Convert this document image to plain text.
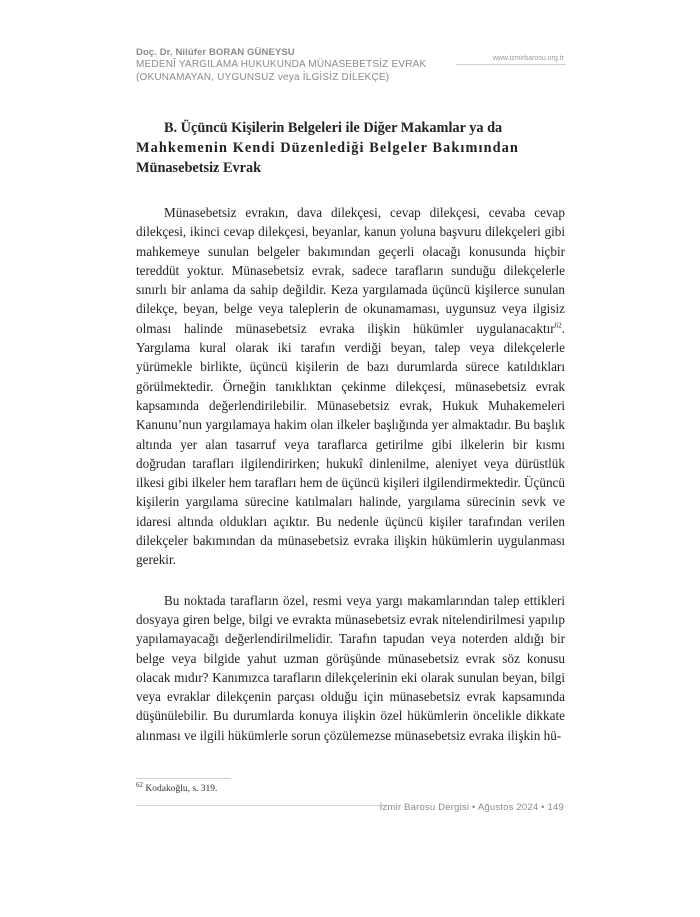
Doç. Dr. Nilüfer BORAN GÜNEYSU
MEDENÎ YARGILAMA HUKUKUNDA MÜNASEBETSİZ EVRAK
(OKUNAMAYAN, UYGUNSUZ veya İLGİSİZ DİLEKÇE)
www.izmirbarosu.org.tr
B. Üçüncü Kişilerin Belgeleri ile Diğer Makamlar ya da
Mahkemenin Kendi Düzenlediği Belgeler Bakımından
Münasebetsiz Evrak

Münasebetsiz evrakın, dava dilekçesi, cevap dilekçesi, cevaba cevap dilekçesi, ikinci cevap dilekçesi, beyanlar, kanun yoluna başvuru dilekçeleri gibi mahkemeye sunulan belgeler bakımından geçerli olacağı konusunda hiçbir tereddüt yoktur. Münasebetsiz evrak, sadece tarafların sunduğu dilekçelerle sınırlı bir anlama da sahip değildir. Keza yargılamada üçüncü kişilerce sunulan dilekçe, beyan, belge veya taleplerin de okunamaması, uygunsuz veya ilgisiz olması halinde münasebetsiz evraka ilişkin hükümler uygulanacaktır$^{62}$. Yargılama kural olarak iki tarafın verdiği beyan, talep veya dilekçelerle yürümekle birlikte, üçüncü kişilerin de bazı durumlarda sürece katıldıkları görülmektedir. Örneğin tanıklıktan çekinme dilekçesi, münasebetsiz evrak kapsamında değerlendirilebilir. Münasebetsiz evrak, Hukuk Muhakemeleri Kanunu’nun yargılamaya hakim olan ilkeler başlığında yer almaktadır. Bu başlık altında yer alan tasarruf veya taraflarca getirilme gibi ilkelerin bir kısmı doğrudan tarafları ilgilendirirken; hukukî dinlenilme, aleniyet veya dürüstlük ilkesi gibi ilkeler hem tarafları hem de üçüncü kişileri ilgilendirmektedir. Üçüncü kişilerin yargılama sürecine katılmaları halinde, yargılama sürecinin sevk ve idaresi altında oldukları açıktır. Bu nedenle üçüncü kişiler tarafından verilen dilekçeler bakımından da münasebetsiz evraka ilişkin hükümlerin uygulanması gerekir.

Bu noktada tarafların özel, resmi veya yargı makamlarından talep ettikleri dosyaya giren belge, bilgi ve evrakta münasebetsiz evrak nitelendirilmesi yapılıp yapılamayacağı değerlendirilmelidir. Tarafın tapudan veya noterden aldığı bir belge veya bilgide yahut uzman görüşünde münasebetsiz evrak söz konusu olacak mıdır? Kanımızca tarafların dilekçelerinin eki olarak sunulan beyan, bilgi veya evraklar dilekçenin parçası olduğu için münasebetsiz evrak kapsamında düşünülebilir. Bu durumlarda konuya ilişkin özel hükümlerin öncelikle dikkate alınması ve ilgili hükümlerle sorun çözülemezse münasebetsiz evraka ilişkin hü-

$^{62}$ Kodakoğlu, s. 319.
İzmir Barosu Dergisi • Ağustos 2024 • 149
